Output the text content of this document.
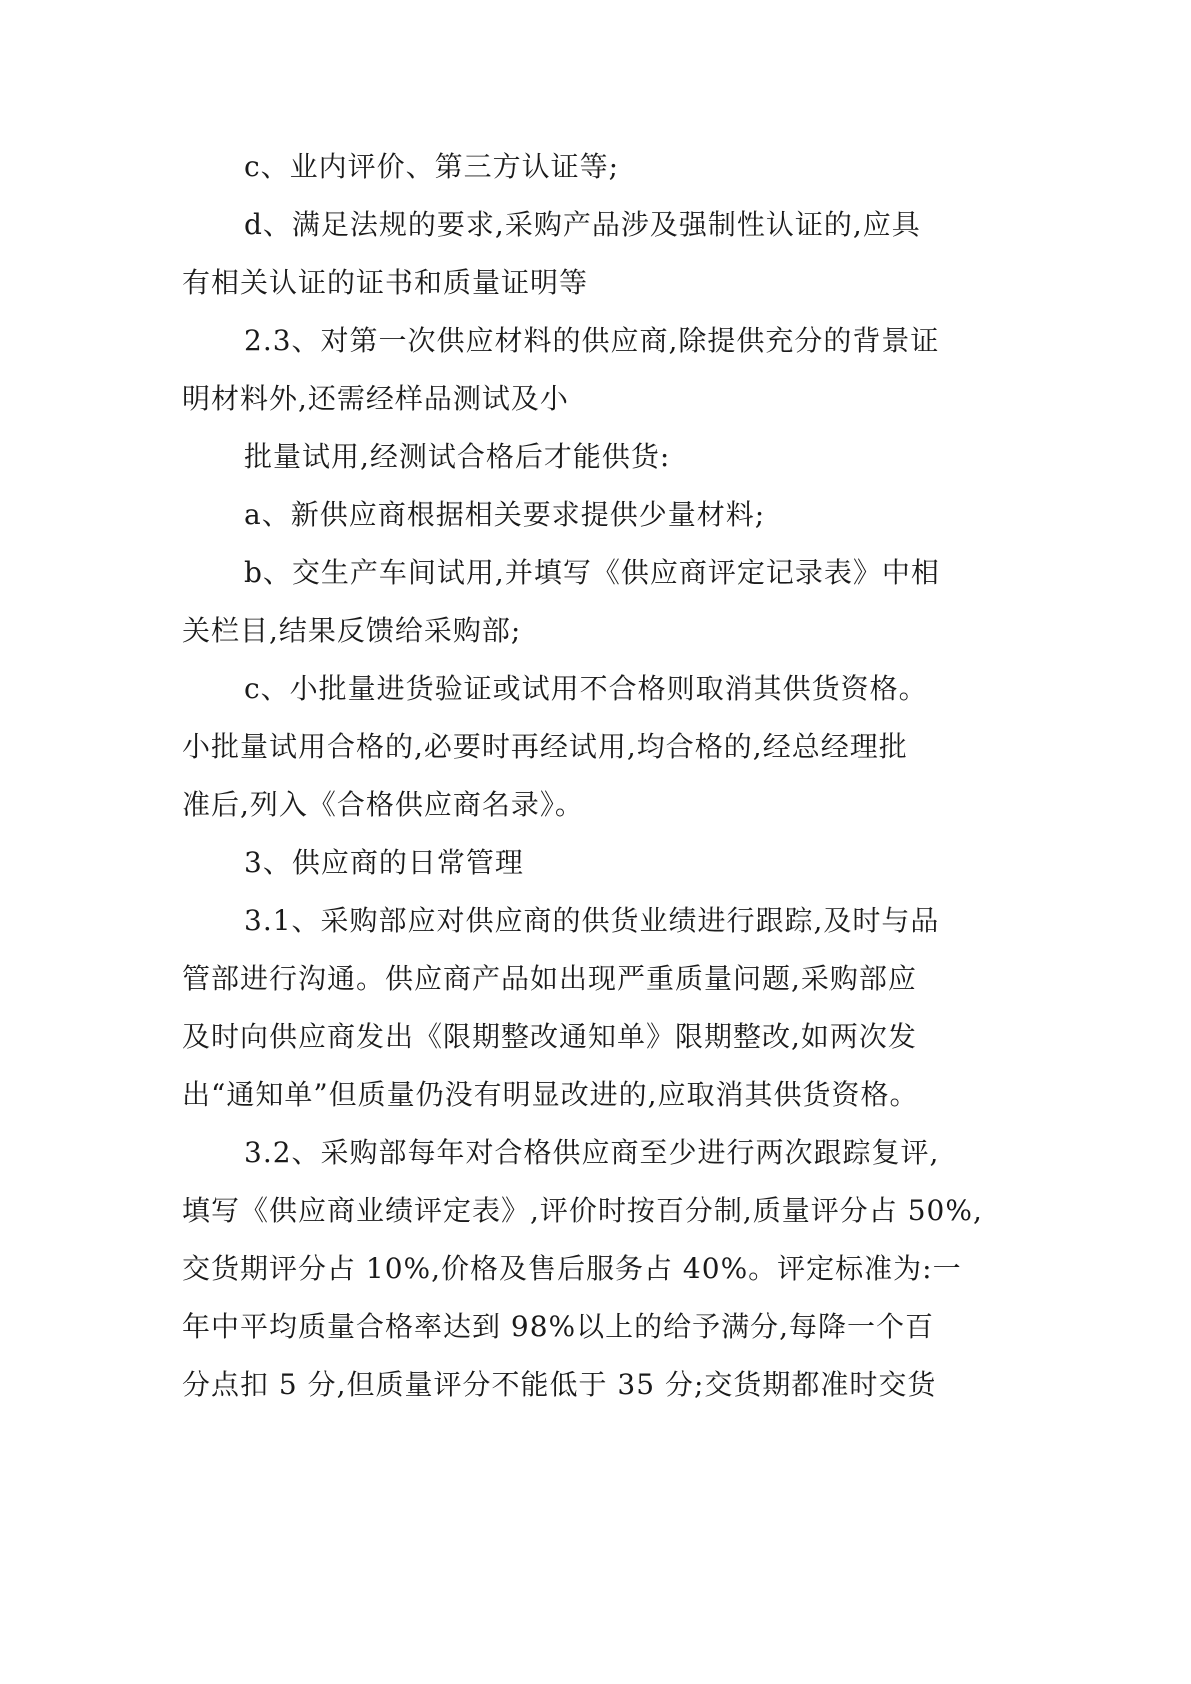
c、业内评价、第三方认证等;
d、满足法规的要求,采购产品涉及强制性认证的,应具
有相关认证的证书和质量证明等
2.3、对第一次供应材料的供应商,除提供充分的背景证
明材料外,还需经样品测试及小
批量试用,经测试合格后才能供货:
a、新供应商根据相关要求提供少量材料;
b、交生产车间试用,并填写《供应商评定记录表》中相
关栏目,结果反馈给采购部;
c、小批量进货验证或试用不合格则取消其供货资格。
小批量试用合格的,必要时再经试用,均合格的,经总经理批
准后,列入《合格供应商名录》。
3、供应商的日常管理
3.1、采购部应对供应商的供货业绩进行跟踪,及时与品
管部进行沟通。供应商产品如出现严重质量问题,采购部应
及时向供应商发出《限期整改通知单》限期整改,如两次发
出“通知单”但质量仍没有明显改进的,应取消其供货资格。
3.2、采购部每年对合格供应商至少进行两次跟踪复评,
填写《供应商业绩评定表》,评价时按百分制,质量评分占 50%,
交货期评分占 10%,价格及售后服务占 40%。评定标准为:一
年中平均质量合格率达到 98%以上的给予满分,每降一个百
分点扣 5 分,但质量评分不能低于 35 分;交货期都准时交货
